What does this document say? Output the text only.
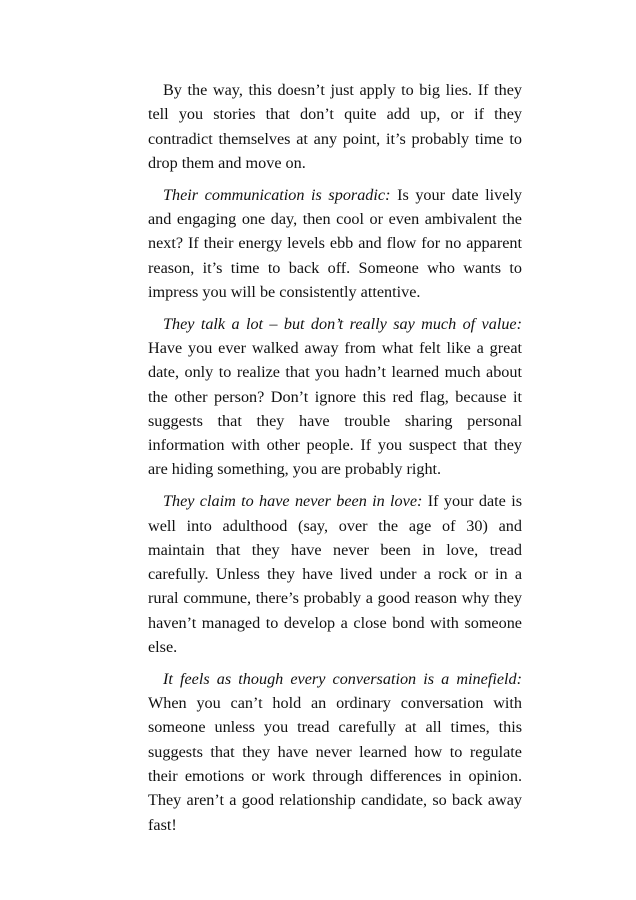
By the way, this doesn’t just apply to big lies. If they tell you stories that don’t quite add up, or if they contradict themselves at any point, it’s probably time to drop them and move on.

Their communication is sporadic: Is your date lively and engaging one day, then cool or even ambivalent the next? If their energy levels ebb and flow for no apparent reason, it’s time to back off. Someone who wants to impress you will be consistently attentive.

They talk a lot – but don’t really say much of value: Have you ever walked away from what felt like a great date, only to realize that you hadn’t learned much about the other person? Don’t ignore this red flag, because it suggests that they have trouble sharing personal information with other people. If you suspect that they are hiding something, you are probably right.

They claim to have never been in love: If your date is well into adulthood (say, over the age of 30) and maintain that they have never been in love, tread carefully. Unless they have lived under a rock or in a rural commune, there’s probably a good reason why they haven’t managed to develop a close bond with someone else.

It feels as though every conversation is a minefield: When you can’t hold an ordinary conversation with someone unless you tread carefully at all times, this suggests that they have never learned how to regulate their emotions or work through differences in opinion. They aren’t a good relationship candidate, so back away fast!
